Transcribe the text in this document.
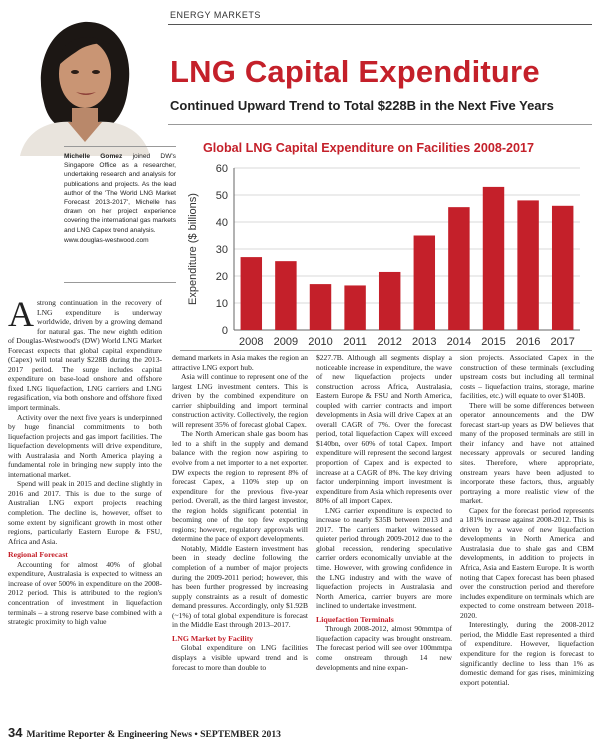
ENERGY MARKETS
LNG Capital Expenditure
Continued Upward Trend to Total $228B in the Next Five Years
Michelle Gomez joined DW's Singapore Office as a researcher, undertaking research and analysis for publications and projects. As the lead author of the 'The World LNG Market Forecast 2013-2017', Michelle has drawn on her project experience covering the international gas markets and LNG Capex trend analysis.
www.douglas-westwood.com
Global LNG Capital Expenditure on Facilities 2008-2017
0
10
20
30
40
50
60
Expenditure ($ billions)
2008 2009 2010 2011 2012 2013 2014 2015 2016 2017

Astrong continuation in the recovery of LNG expenditure is underway worldwide, driven by a growing demand for natural gas. The new eighth edition of Douglas-Westwood's (DW) World LNG Market Forecast expects that global capital expenditure (Capex) will total nearly $228B during the 2013-2017 period. The surge includes capital expenditure on base-load onshore and offshore fixed LNG liquefaction, LNG carriers and LNG regasification, via both onshore and offshore fixed import terminals.

Activity over the next five years is underpinned by huge financial commitments to both liquefaction projects and gas import facilities. The liquefaction developments will drive expenditure, with Australasia and North America playing a fundamental role in bringing new supply into the international market.

Spend will peak in 2015 and decline slightly in 2016 and 2017. This is due to the surge of Australian LNG export projects reaching completion. The decline is, however, offset to some extent by significant growth in most other regions, particularly Eastern Europe & FSU, Africa and Asia.

Regional Forecast

Accounting for almost 40% of global expenditure, Australasia is expected to witness an increase of over 500% in expenditure on the 2008-2012 period. This is attributed to the region's concentration of investment in liquefaction terminals – a strong reserve base combined with a strategic proximity to high value

demand markets in Asia makes the region an attractive LNG export hub.

Asia will continue to represent one of the largest LNG investment centers. This is driven by the combined expenditure on carrier shipbuilding and import terminal construction activity. Collectively, the region will represent 35% of forecast global Capex.

The North American shale gas boom has led to a shift in the supply and demand balance with the region now aspiring to evolve from a net importer to a net exporter. DW expects the region to represent 8% of forecast Capex, a 110% step up on expenditure for the previous five-year period. Overall, as the third largest investor, the region holds significant potential in becoming one of the top few exporting regions; however, regulatory approvals will determine the pace of export developments.

Notably, Middle Eastern investment has been in steady decline following the completion of a number of major projects during the 2009-2011 period; however, this has been further progressed by increasing supply constraints as a result of domestic demand pressures. Accordingly, only $1.92B (~1%) of total global expenditure is forecast in the Middle East through 2013–2017.

LNG Market by Facility

Global expenditure on LNG facilities displays a visible upward trend and is forecast to more than double to

$227.7B. Although all segments display a noticeable increase in expenditure, the wave of new liquefaction projects under construction across Africa, Australasia, Eastern Europe & FSU and North America, coupled with carrier contracts and import developments in Asia will drive Capex at an overall CAGR of 7%. Over the forecast period, total liquefaction Capex will exceed $140bn, over 60% of total Capex. Import expenditure will represent the second largest proportion of Capex and is expected to increase at a CAGR of 8%. The key driving factor underpinning import investment is expenditure from Asia which represents over 80% of all import Capex.

LNG carrier expenditure is expected to increase to nearly $35B between 2013 and 2017. The carriers market witnessed a quieter period through 2009-2012 due to the global recession, rendering speculative carrier orders economically unviable at the time. However, with growing confidence in the LNG industry and with the wave of liquefaction projects in Australasia and North America, carrier buyers are more inclined to undertake investment.

Liquefaction Terminals

Through 2008-2012, almost 90mmtpa of liquefaction capacity was brought onstream. The forecast period will see over 100mmtpa come onstream through 14 new developments and nine expan-

sion projects. Associated Capex in the construction of these terminals (excluding upstream costs but including all terminal costs – liquefaction trains, storage, marine facilities, etc.) will equate to over $140B.

There will be some differences between operator announcements and the DW forecast start-up years as DW believes that many of the proposed terminals are still in their infancy and have not attained necessary approvals or secured landing sites. Therefore, where appropriate, onstream years have been adjusted to incorporate these factors, thus, arguably portraying a more realistic view of the market.

Capex for the forecast period represents a 181% increase against 2008-2012. This is driven by a wave of new liquefaction developments in North America and Australasia due to shale gas and CBM developments, in addition to projects in Africa, Asia and Eastern Europe. It is worth noting that Capex forecast has been phased over the construction period and therefore includes expenditure on terminals which are expected to come onstream between 2018-2020.

Interestingly, during the 2008-2012 period, the Middle East represented a third of expenditure. However, liquefaction expenditure for the region is forecast to significantly decline to less than 1% as domestic demand for gas rises, minimizing export potential.

34 Maritime Reporter & Engineering News • SEPTEMBER 2013
